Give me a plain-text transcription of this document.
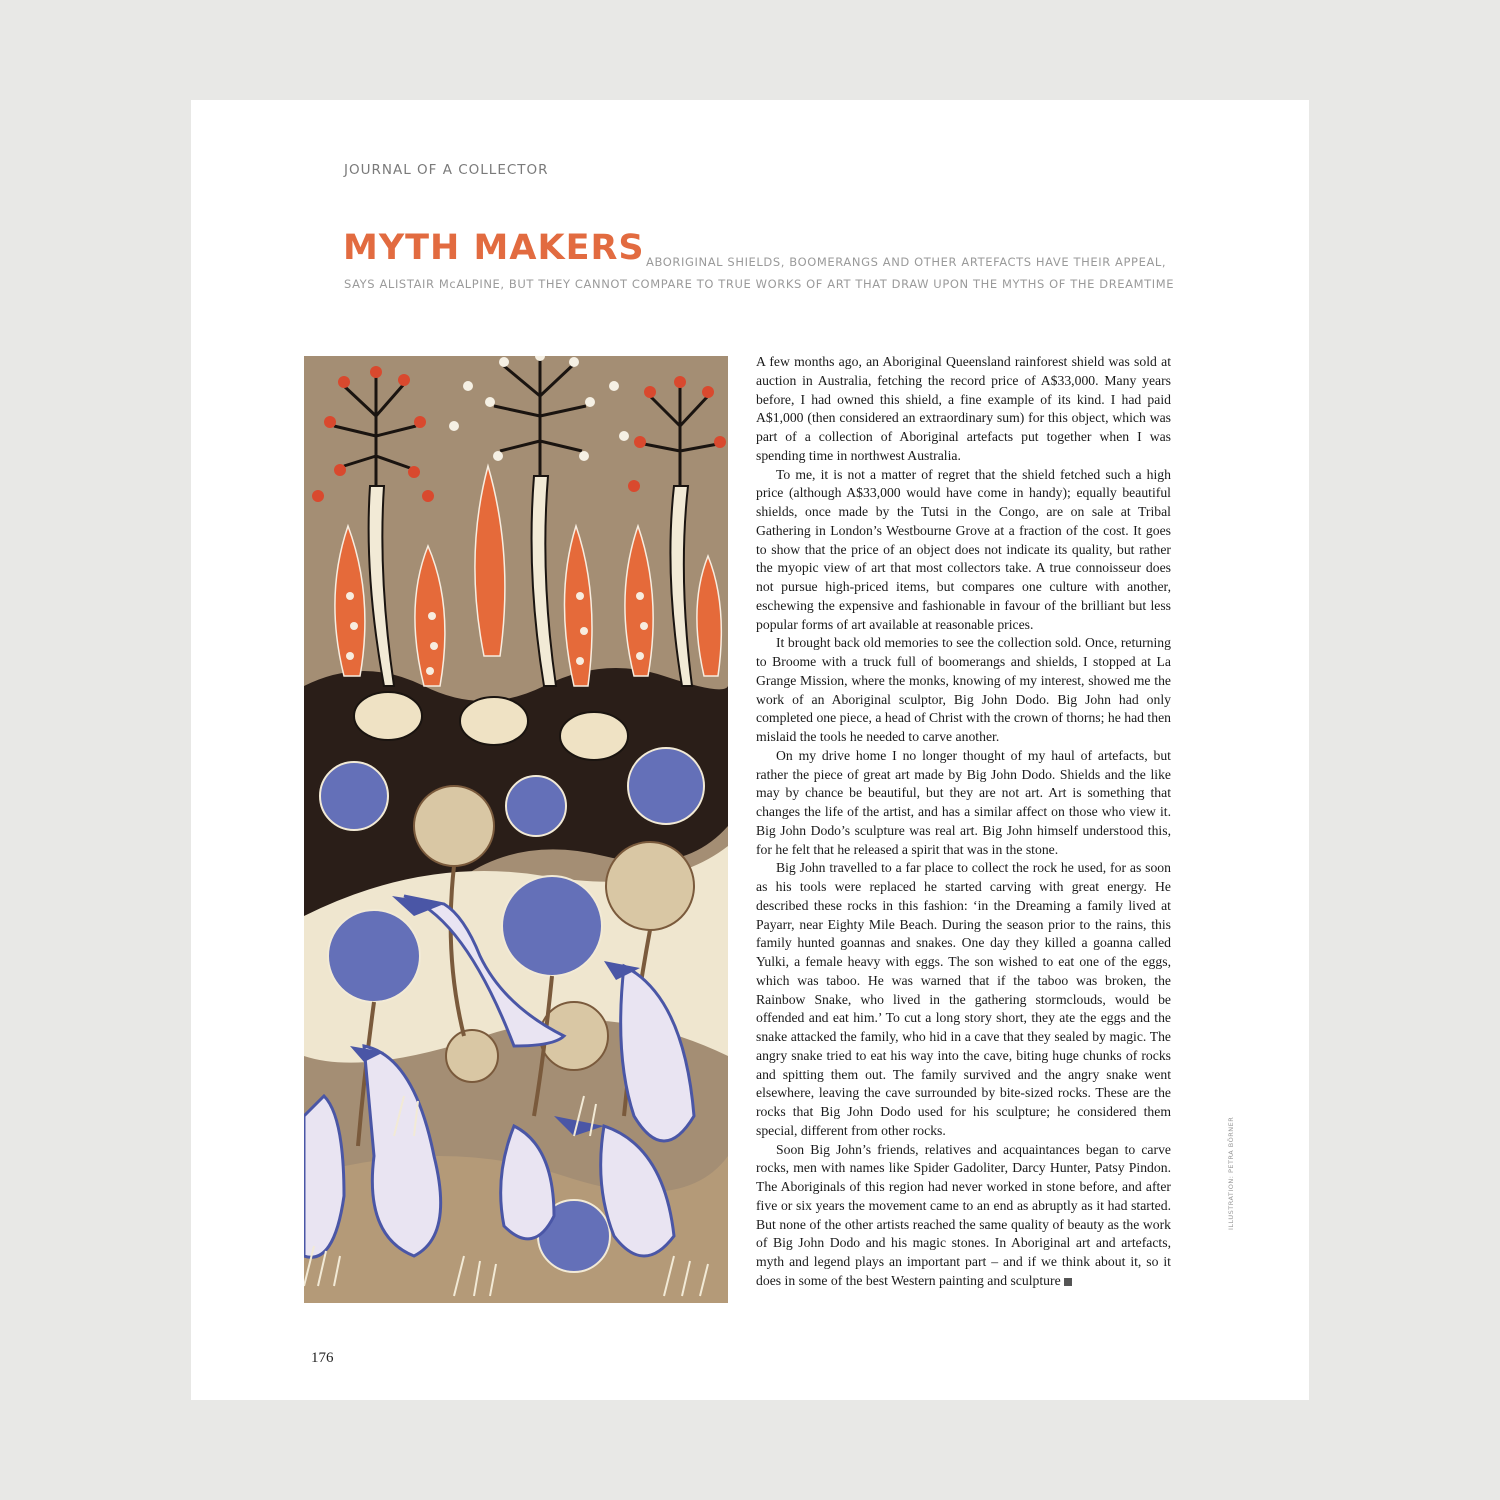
JOURNAL OF A COLLECTOR
MYTH MAKERS ABORIGINAL SHIELDS, BOOMERANGS AND OTHER ARTEFACTS HAVE THEIR APPEAL,
SAYS ALISTAIR McALPINE, BUT THEY CANNOT COMPARE TO TRUE WORKS OF ART THAT DRAW UPON THE MYTHS OF THE DREAMTIME

A few months ago, an Aboriginal Queensland rainforest shield was sold at auction in Australia, fetching the record price of A$33,000. Many years before, I had owned this shield, a fine example of its kind. I had paid A$1,000 (then considered an extraordinary sum) for this object, which was part of a collection of Aboriginal artefacts put together when I was spending time in northwest Australia.

To me, it is not a matter of regret that the shield fetched such a high price (although A$33,000 would have come in handy); equally beautiful shields, once made by the Tutsi in the Congo, are on sale at Tribal Gathering in London’s Westbourne Grove at a fraction of the cost. It goes to show that the price of an object does not indicate its quality, but rather the myopic view of art that most collectors take. A true connoisseur does not pursue high-priced items, but compares one culture with another, eschewing the expensive and fashionable in favour of the brilliant but less popular forms of art available at reasonable prices.

It brought back old memories to see the collection sold. Once, returning to Broome with a truck full of boomerangs and shields, I stopped at La Grange Mission, where the monks, knowing of my interest, showed me the work of an Aboriginal sculptor, Big John Dodo. Big John had only completed one piece, a head of Christ with the crown of thorns; he had then mislaid the tools he needed to carve another.

On my drive home I no longer thought of my haul of artefacts, but rather the piece of great art made by Big John Dodo. Shields and the like may by chance be beautiful, but they are not art. Art is something that changes the life of the artist, and has a similar affect on those who view it. Big John Dodo’s sculpture was real art. Big John himself understood this, for he felt that he released a spirit that was in the stone.

Big John travelled to a far place to collect the rock he used, for as soon as his tools were replaced he started carving with great energy. He described these rocks in this fashion: ‘in the Dreaming a family lived at Payarr, near Eighty Mile Beach. During the season prior to the rains, this family hunted goannas and snakes. One day they killed a goanna called Yulki, a female heavy with eggs. The son wished to eat one of the eggs, which was taboo. He was warned that if the taboo was broken, the Rainbow Snake, who lived in the gathering stormclouds, would be offended and eat him.’ To cut a long story short, they ate the eggs and the snake attacked the family, who hid in a cave that they sealed by magic. The angry snake tried to eat his way into the cave, biting huge chunks of rocks and spitting them out. The family survived and the angry snake went elsewhere, leaving the cave surrounded by bite-sized rocks. These are the rocks that Big John Dodo used for his sculpture; he considered them special, different from other rocks.

Soon Big John’s friends, relatives and acquaintances began to carve rocks, men with names like Spider Gadoliter, Darcy Hunter, Patsy Pindon. The Aboriginals of this region had never worked in stone before, and after five or six years the movement came to an end as abruptly as it had started. But none of the other artists reached the same quality of beauty as the work of Big John Dodo and his magic stones. In Aboriginal art and artefacts, myth and legend plays an important part – and if we think about it, so it does in some of the best Western painting and sculpture

ILLUSTRATION: PETRA BÖRNER
176
